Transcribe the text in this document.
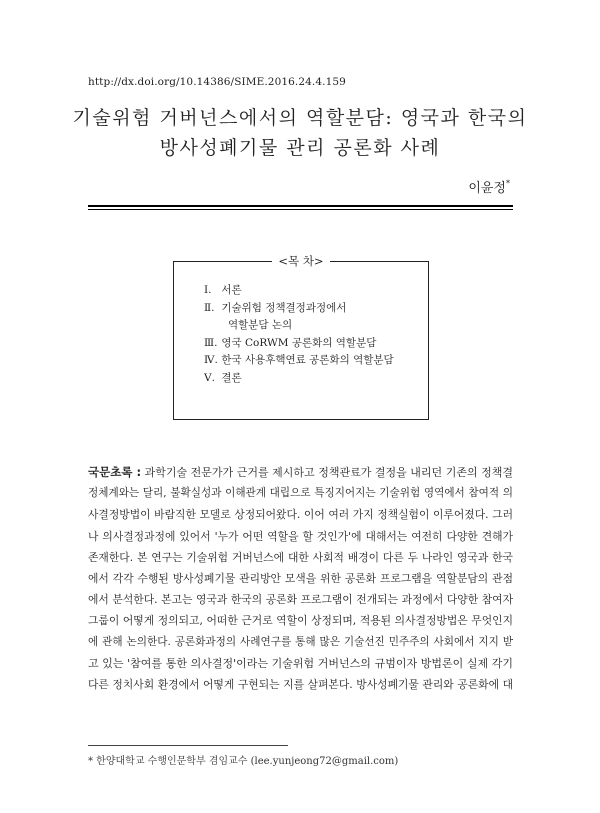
http://dx.doi.org/10.14386/SIME.2016.24.4.159
기술위험 거버넌스에서의 역할분담: 영국과 한국의
방사성폐기물 관리 공론화 사례
이윤정*
<목 차>
Ⅰ. 서론
Ⅱ. 기술위험 정책결정과정에서
역할분담 논의
Ⅲ. 영국 CoRWM 공론화의 역할분담
Ⅳ. 한국 사용후핵연료 공론화의 역할분담
Ⅴ. 결론
국문초록 : 과학기술 전문가가 근거를 제시하고 정책관료가 결정을 내리던 기존의 정책결
정체계와는 달리, 불확실성과 이해관계 대립으로 특징지어지는 기술위험 영역에서 참여적 의
사결정방법이 바람직한 모델로 상정되어왔다. 이어 여러 가지 정책실험이 이루어졌다. 그러
나 의사결정과정에 있어서 '누가 어떤 역할을 할 것인가'에 대해서는 여전히 다양한 견해가
존재한다. 본 연구는 기술위험 거버넌스에 대한 사회적 배경이 다른 두 나라인 영국과 한국
에서 각각 수행된 방사성폐기물 관리방안 모색을 위한 공론화 프로그램을 역할분담의 관점
에서 분석한다. 본고는 영국과 한국의 공론화 프로그램이 전개되는 과정에서 다양한 참여자
그룹이 어떻게 정의되고, 어떠한 근거로 역할이 상정되며, 적용된 의사결정방법은 무엇인지
에 관해 논의한다. 공론화과정의 사례연구를 통해 많은 기술선진 민주주의 사회에서 지지 받
고 있는 '참여를 통한 의사결정'이라는 기술위험 거버넌스의 규범이자 방법론이 실제 각기
다른 정치사회 환경에서 어떻게 구현되는 지를 살펴본다. 방사성폐기물 관리와 공론화에 대
* 한양대학교 수행인문학부 겸임교수 (lee.yunjeong72@gmail.com)
